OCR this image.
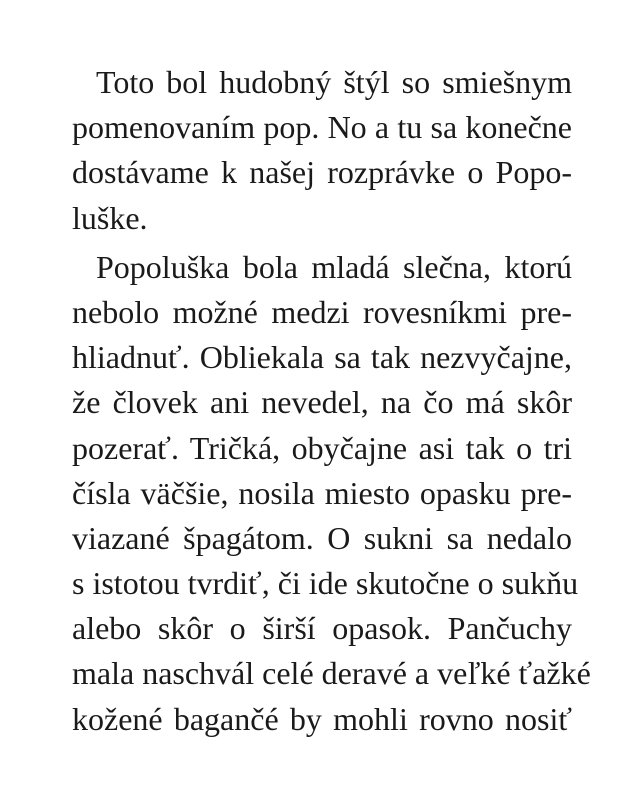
Toto bol hudobný štýl so smiešnym
pomenovaním pop. No a tu sa konečne
dostávame k našej rozprávke o Popo-
luške.
Popoluška bola mladá slečna, ktorú
nebolo možné medzi rovesníkmi pre-
hliadnuť. Obliekala sa tak nezvyčajne,
že človek ani nevedel, na čo má skôr
pozerať. Tričká, obyčajne asi tak o tri
čísla väčšie, nosila miesto opasku pre-
viazané špagátom. O sukni sa nedalo
s istotou tvrdiť, či ide skutočne o sukňu
alebo skôr o širší opasok. Pančuchy
mala naschvál celé deravé a veľké ťažké
kožené bagančé by mohli rovno nosiť
